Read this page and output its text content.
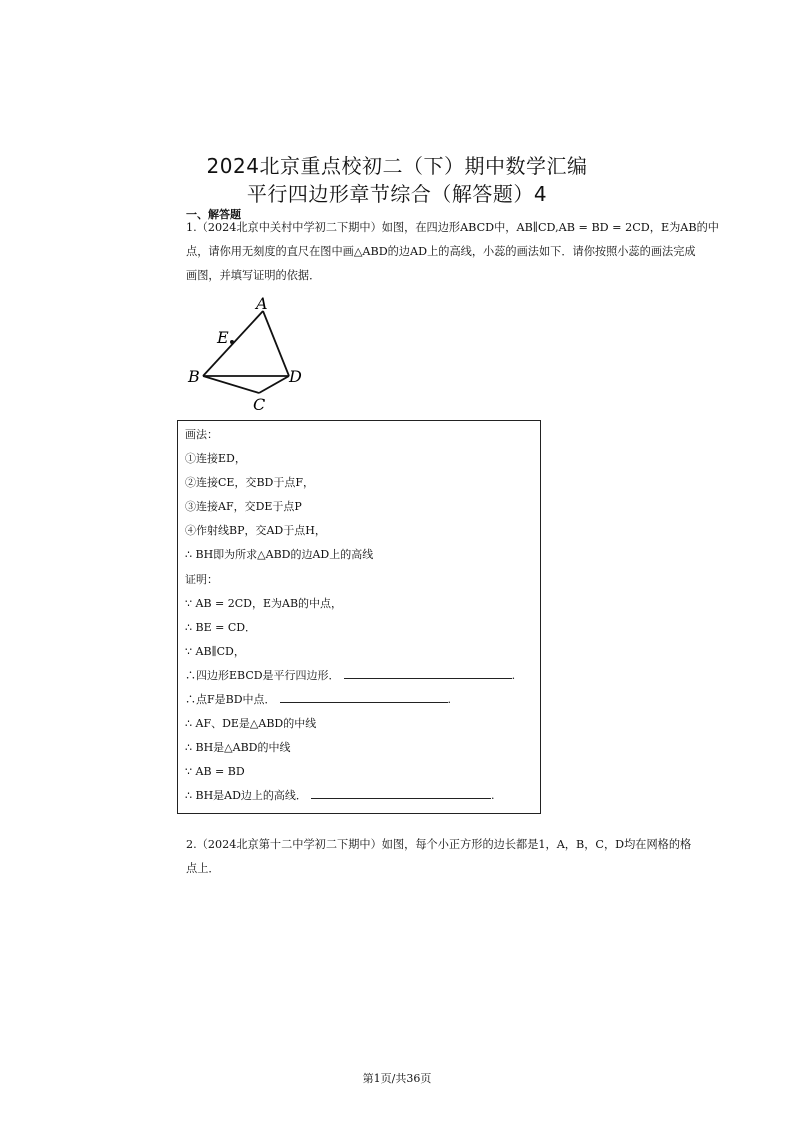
2024北京重点校初二（下）期中数学汇编
平行四边形章节综合（解答题）4
一、解答题
1.（2024北京中关村中学初二下期中）如图，在四边形ABCD中，AB∥CD,AB = BD = 2CD，E为AB的中
点，请你用无刻度的直尺在图中画△ABD的边AD上的高线，小蕊的画法如下．请你按照小蕊的画法完成
画图，并填写证明的依据．
A
E
B	D
C
画法：
①连接ED，
②连接CE，交BD于点F，
③连接AF，交DE于点P
④作射线BP，交AD于点H，
∴ BH即为所求△ABD的边AD上的高线
证明：
∵ AB = 2CD，E为AB的中点，
∴ BE = CD．
∵ AB∥CD，
∴四边形EBCD是平行四边形．	.
∴点F是BD中点．	.
∴ AF、DE是△ABD的中线
∴ BH是△ABD的中线
∵ AB = BD
∴ BH是AD边上的高线．	.
2.（2024北京第十二中学初二下期中）如图，每个小正方形的边长都是1，A，B，C，D均在网格的格
点上．
第1页/共36页
